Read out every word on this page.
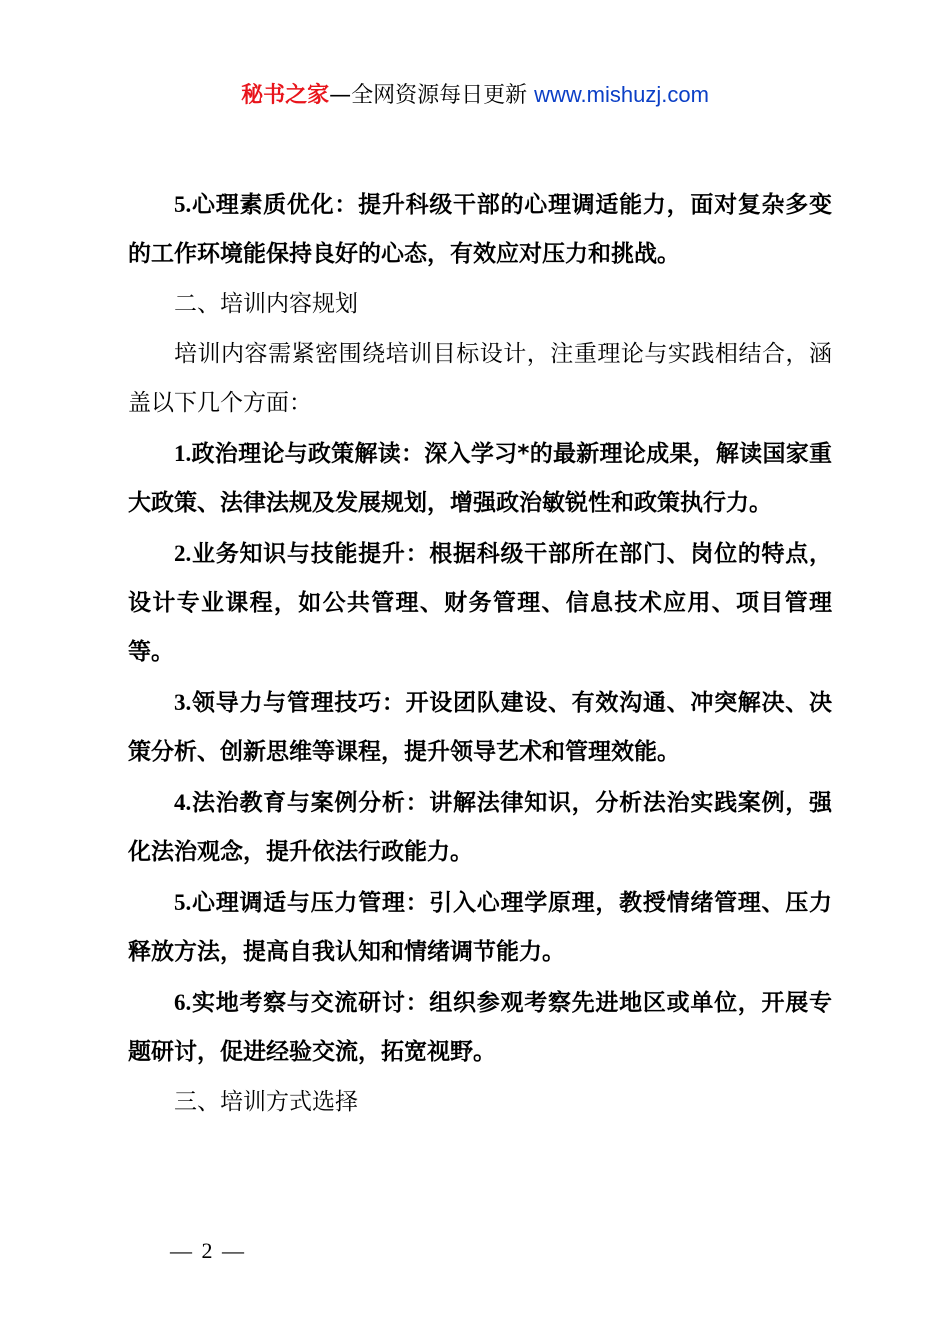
秘书之家—全网资源每日更新 www.mishuzj.com

5.心理素质优化：提升科级干部的心理调适能力，面对复杂多变的工作环境能保持良好的心态，有效应对压力和挑战。

二、培训内容规划

培训内容需紧密围绕培训目标设计，注重理论与实践相结合，涵盖以下几个方面：

1.政治理论与政策解读：深入学习*的最新理论成果，解读国家重大政策、法律法规及发展规划，增强政治敏锐性和政策执行力。

2.业务知识与技能提升：根据科级干部所在部门、岗位的特点，设计专业课程，如公共管理、财务管理、信息技术应用、项目管理等。

3.领导力与管理技巧：开设团队建设、有效沟通、冲突解决、决策分析、创新思维等课程，提升领导艺术和管理效能。

4.法治教育与案例分析：讲解法律知识，分析法治实践案例，强化法治观念，提升依法行政能力。

5.心理调适与压力管理：引入心理学原理，教授情绪管理、压力释放方法，提高自我认知和情绪调节能力。

6.实地考察与交流研讨：组织参观考察先进地区或单位，开展专题研讨，促进经验交流，拓宽视野。

三、培训方式选择

— 2 —
